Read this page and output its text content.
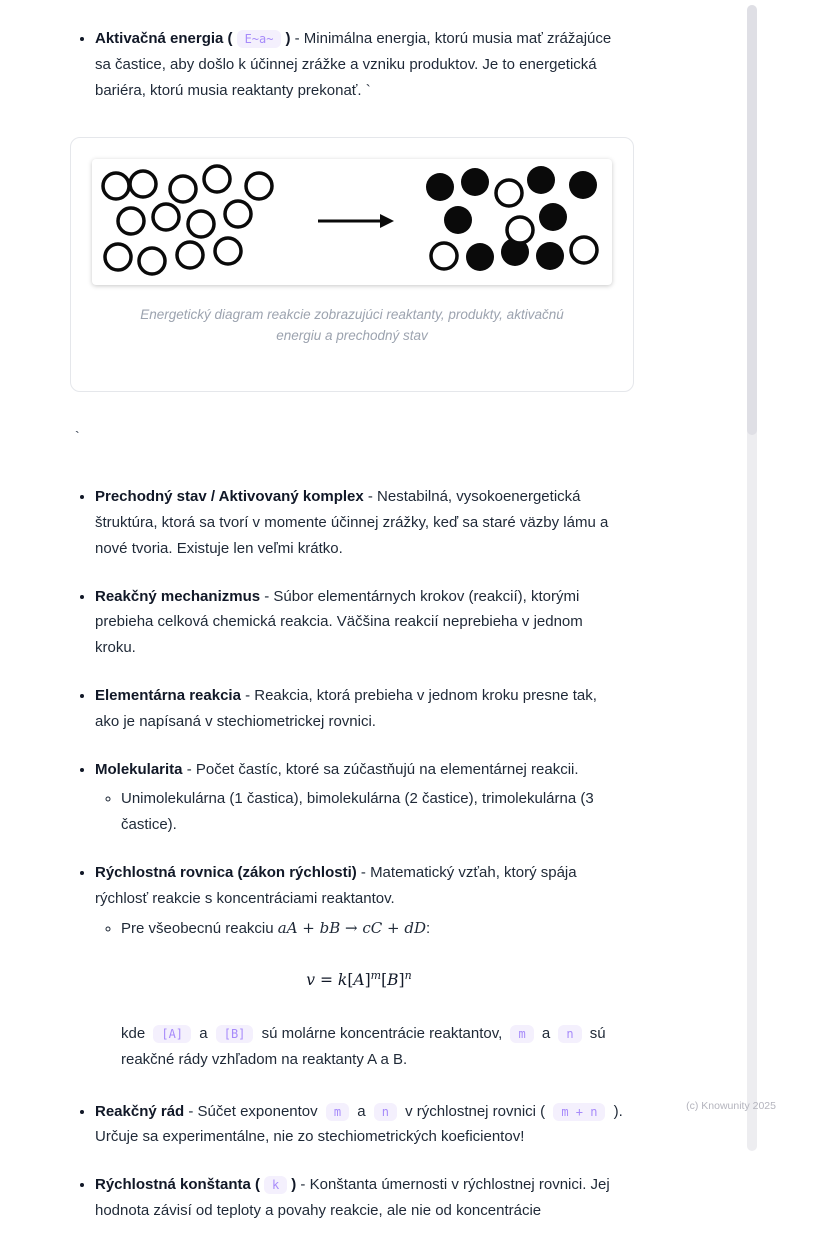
• Aktivačná energia ( E~a~ ) - Minimálna energia, ktorú musia mať zrážajúce sa častice, aby došlo k účinnej zrážke a vzniku produktov. Je to energetická bariéra, ktorú musia reaktanty prekonať. `
Energetický diagram reakcie zobrazujúci reaktanty, produkty, aktivačnú energiu a prechodný stav
`
• Prechodný stav / Aktivovaný komplex - Nestabilná, vysokoenergetická štruktúra, ktorá sa tvorí v momente účinnej zrážky, keď sa staré väzby lámu a nové tvoria. Existuje len veľmi krátko.
• Reakčný mechanizmus - Súbor elementárnych krokov (reakcií), ktorými prebieha celková chemická reakcia. Väčšina reakcií neprebieha v jednom kroku.
• Elementárna reakcia - Reakcia, ktorá prebieha v jednom kroku presne tak, ako je napísaná v stechiometrickej rovnici.
• Molekularita - Počet častíc, ktoré sa zúčastňujú na elementárnej reakcii.
◦ Unimolekulárna (1 častica), bimolekulárna (2 častice), trimolekulárna (3 častice).
• Rýchlostná rovnica (zákon rýchlosti) - Matematický vzťah, ktorý spája rýchlosť reakcie s koncentráciami reaktantov.
◦ Pre všeobecnú reakciu aA + bB → cC + dD:
$v = k[A]^m[B]^n$
kde [A] a [B] sú molárne koncentrácie reaktantov, m a n sú reakčné rády vzhľadom na reaktanty A a B.
• Reakčný rád - Súčet exponentov m a n v rýchlostnej rovnici ( m + n ). Určuje sa experimentálne, nie zo stechiometrických koeficientov!
• Rýchlostná konštanta ( k ) - Konštanta úmernosti v rýchlostnej rovnici. Jej hodnota závisí od teploty a povahy reakcie, ale nie od koncentrácie
(c) Knowunity 2025
